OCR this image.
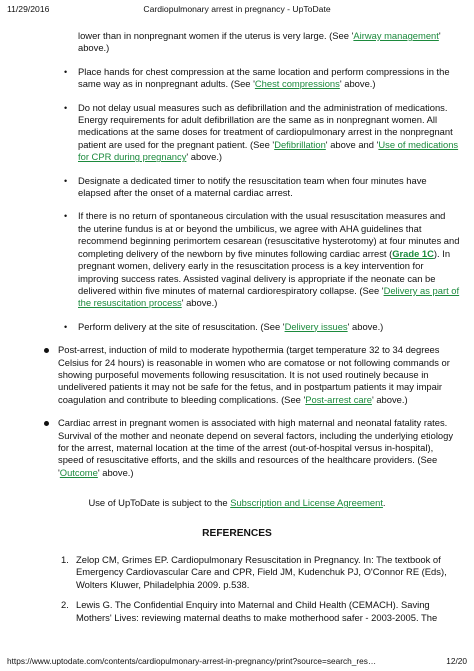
11/29/2016	Cardiopulmonary arrest in pregnancy - UpToDate
lower than in nonpregnant women if the uterus is very large. (See 'Airway management' above.)
• Place hands for chest compression at the same location and perform compressions in the same way as in nonpregnant adults. (See 'Chest compressions' above.)
• Do not delay usual measures such as defibrillation and the administration of medications. Energy requirements for adult defibrillation are the same as in nonpregnant women. All medications at the same doses for treatment of cardiopulmonary arrest in the nonpregnant patient are used for the pregnant patient. (See 'Defibrillation' above and 'Use of medications for CPR during pregnancy' above.)
• Designate a dedicated timer to notify the resuscitation team when four minutes have elapsed after the onset of a maternal cardiac arrest.
• If there is no return of spontaneous circulation with the usual resuscitation measures and the uterine fundus is at or beyond the umbilicus, we agree with AHA guidelines that recommend beginning perimortem cesarean (resuscitative hysterotomy) at four minutes and completing delivery of the newborn by five minutes following cardiac arrest (Grade 1C). In pregnant women, delivery early in the resuscitation process is a key intervention for improving success rates. Assisted vaginal delivery is appropriate if the neonate can be delivered within five minutes of maternal cardiorespiratory collapse. (See 'Delivery as part of the resuscitation process' above.)
• Perform delivery at the site of resuscitation. (See 'Delivery issues' above.)
Post-arrest, induction of mild to moderate hypothermia (target temperature 32 to 34 degrees Celsius for 24 hours) is reasonable in women who are comatose or not following commands or showing purposeful movements following resuscitation. It is not used routinely because in undelivered patients it may not be safe for the fetus, and in postpartum patients it may impair coagulation and contribute to bleeding complications. (See 'Post-arrest care' above.)
Cardiac arrest in pregnant women is associated with high maternal and neonatal fatality rates. Survival of the mother and neonate depend on several factors, including the underlying etiology for the arrest, maternal location at the time of the arrest (out-of-hospital versus in-hospital), speed of resuscitative efforts, and the skills and resources of the healthcare providers. (See 'Outcome' above.)
Use of UpToDate is subject to the Subscription and License Agreement.
REFERENCES
1. Zelop CM, Grimes EP. Cardiopulmonary Resuscitation in Pregnancy. In: The textbook of Emergency Cardiovascular Care and CPR, Field JM, Kudenchuk PJ, O'Connor RE (Eds), Wolters Kluwer, Philadelphia 2009. p.538.
2. Lewis G. The Confidential Enquiry into Maternal and Child Health (CEMACH). Saving Mothers' Lives: reviewing maternal deaths to make motherhood safer - 2003-2005. The
https://www.uptodate.com/contents/cardiopulmonary-arrest-in-pregnancy/print?source=search_res…	12/20
